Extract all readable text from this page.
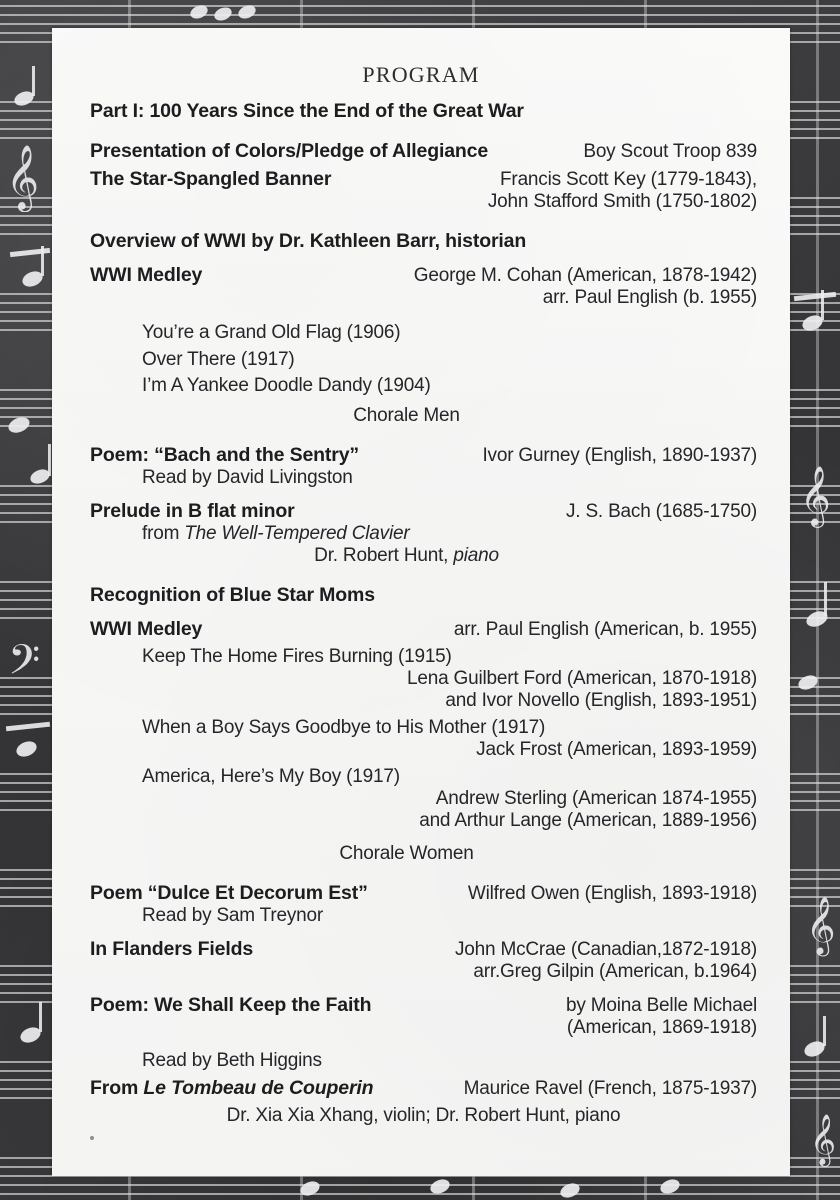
𝄞
𝄞
𝄢
𝄞
𝄞
program
Part I: 100 Years Since the End of the Great War
Presentation of Colors/Pledge of Allegiance	Boy Scout Troop 839
The Star-Spangled Banner	Francis Scott Key (1779-1843),
John Stafford Smith (1750-1802)
Overview of WWI by Dr. Kathleen Barr, historian
WWI Medley	George M. Cohan (American, 1878-1942)
arr. Paul English (b. 1955)
You’re a Grand Old Flag (1906)
Over There (1917)
I’m A Yankee Doodle Dandy (1904)
Chorale Men
Poem: “Bach and the Sentry”	Ivor Gurney (English, 1890-1937)
Read by David Livingston
Prelude in B flat minor	J. S. Bach (1685-1750)
from The Well-Tempered Clavier
Dr. Robert Hunt, piano
Recognition of Blue Star Moms
WWI Medley	arr. Paul English (American, b. 1955)
Keep The Home Fires Burning (1915)
Lena Guilbert Ford (American, 1870-1918)
and Ivor Novello (English, 1893-1951)
When a Boy Says Goodbye to His Mother (1917)
Jack Frost (American, 1893-1959)
America, Here’s My Boy (1917)
Andrew Sterling (American 1874-1955)
and Arthur Lange (American, 1889-1956)
Chorale Women
Poem “Dulce Et Decorum Est”	Wilfred Owen (English, 1893-1918)
Read by Sam Treynor
In Flanders Fields	John McCrae (Canadian,1872-1918)
arr.Greg Gilpin (American, b.1964)
Poem: We Shall Keep the Faith	by Moina Belle Michael
(American, 1869-1918)
Read by Beth Higgins
From Le Tombeau de Couperin	Maurice Ravel (French, 1875-1937)
Dr. Xia Xia Xhang, violin; Dr. Robert Hunt, piano
